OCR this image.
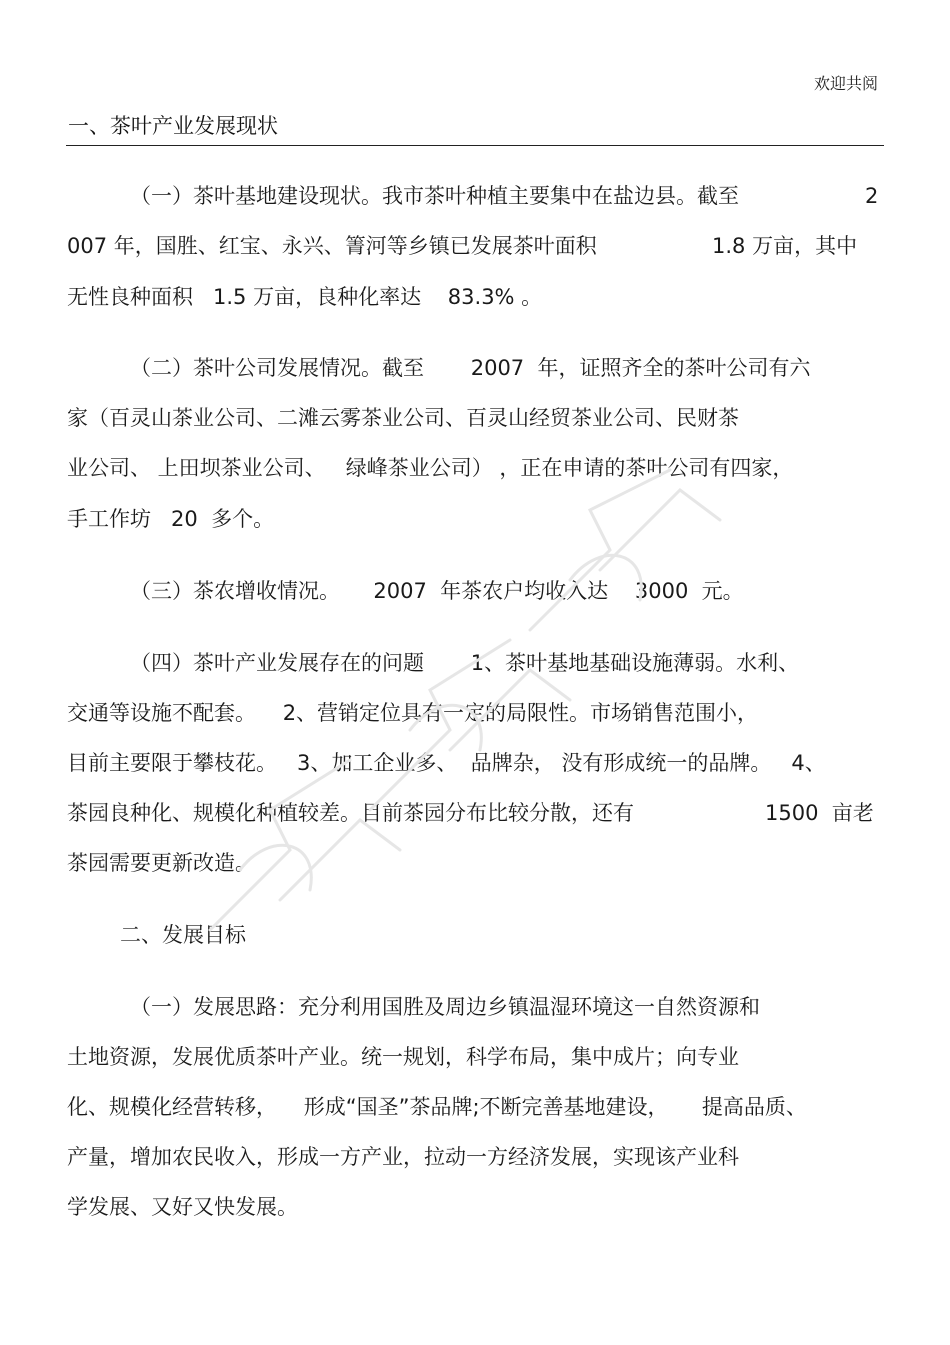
欢迎共阅
一、茶叶产业发展现状
（一）茶叶基地建设现状。我市茶叶种植主要集中在盐边县。截至	2
007 年，国胜、红宝、永兴、箐河等乡镇已发展茶叶面积	1.8 万亩，其中
无性良种面积   1.5 万亩，良种化率达    83.3% 。
（二）茶叶公司发展情况。截至       2007  年，证照齐全的茶叶公司有六
家（百灵山茶业公司、二滩云雾茶业公司、百灵山经贸茶业公司、民财茶
业公司、 上田坝茶业公司、   绿峰茶业公司） ，正在申请的茶叶公司有四家，
手工作坊   20  多个。
（三）茶农增收情况。     2007  年茶农户均收入达    3000  元。
（四）茶叶产业发展存在的问题       1、茶叶基地基础设施薄弱。水利、
交通等设施不配套。    2、营销定位具有一定的局限性。市场销售范围小，
目前主要限于攀枝花。   3、加工企业多、  品牌杂， 没有形成统一的品牌。   4、
茶园良种化、规模化种植较差。目前茶园分布比较分散，还有	1500  亩老
茶园需要更新改造。
二、发展目标
（一）发展思路：充分利用国胜及周边乡镇温湿环境这一自然资源和
土地资源，发展优质茶叶产业。统一规划，科学布局，集中成片；向专业
化、规模化经营转移，    形成“国圣”茶品牌;不断完善基地建设，     提高品质、
产量，增加农民收入，形成一方产业，拉动一方经济发展，实现该产业科
学发展、又好又快发展。
